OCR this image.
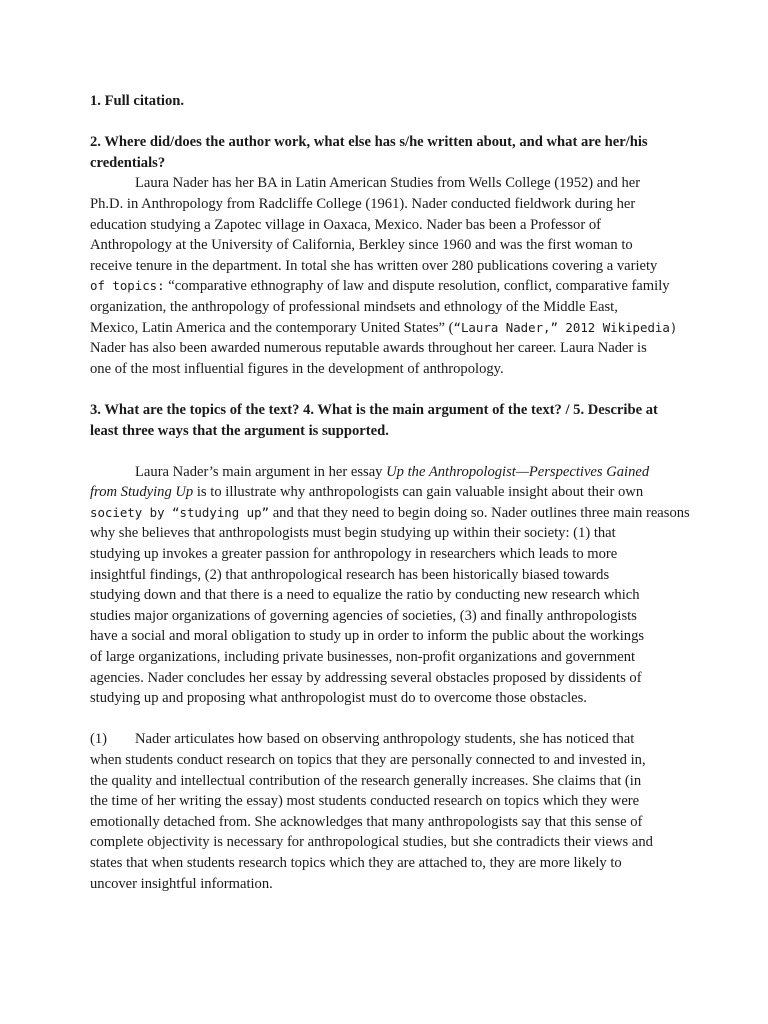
1. Full citation.
2. Where did/does the author work, what else has s/he written about, and what are her/his
credentials?
Laura Nader has her BA in Latin American Studies from Wells College (1952) and her
Ph.D. in Anthropology from Radcliffe College (1961). Nader conducted fieldwork during her
education studying a Zapotec village in Oaxaca, Mexico. Nader bas been a Professor of
Anthropology at the University of California, Berkley since 1960 and was the first woman to
receive tenure in the department. In total she has written over 280 publications covering a variety
of topics: “comparative ethnography of law and dispute resolution, conflict, comparative family
organization, the anthropology of professional mindsets and ethnology of the Middle East,
Mexico, Latin America and the contemporary United States” (“Laura Nader,” 2012 Wikipedia)
Nader has also been awarded numerous reputable awards throughout her career. Laura Nader is
one of the most influential figures in the development of anthropology.
3. What are the topics of the text? 4. What is the main argument of the text? / 5. Describe at
least three ways that the argument is supported.
Laura Nader’s main argument in her essay Up the Anthropologist—Perspectives Gained
from Studying Up is to illustrate why anthropologists can gain valuable insight about their own
society by “studying up” and that they need to begin doing so. Nader outlines three main reasons
why she believes that anthropologists must begin studying up within their society: (1) that
studying up invokes a greater passion for anthropology in researchers which leads to more
insightful findings, (2) that anthropological research has been historically biased towards
studying down and that there is a need to equalize the ratio by conducting new research which
studies major organizations of governing agencies of societies, (3) and finally anthropologists
have a social and moral obligation to study up in order to inform the public about the workings
of large organizations, including private businesses, non-profit organizations and government
agencies. Nader concludes her essay by addressing several obstacles proposed by dissidents of
studying up and proposing what anthropologist must do to overcome those obstacles.
(1) Nader articulates how based on observing anthropology students, she has noticed that
when students conduct research on topics that they are personally connected to and invested in,
the quality and intellectual contribution of the research generally increases. She claims that (in
the time of her writing the essay) most students conducted research on topics which they were
emotionally detached from. She acknowledges that many anthropologists say that this sense of
complete objectivity is necessary for anthropological studies, but she contradicts their views and
states that when students research topics which they are attached to, they are more likely to
uncover insightful information.
